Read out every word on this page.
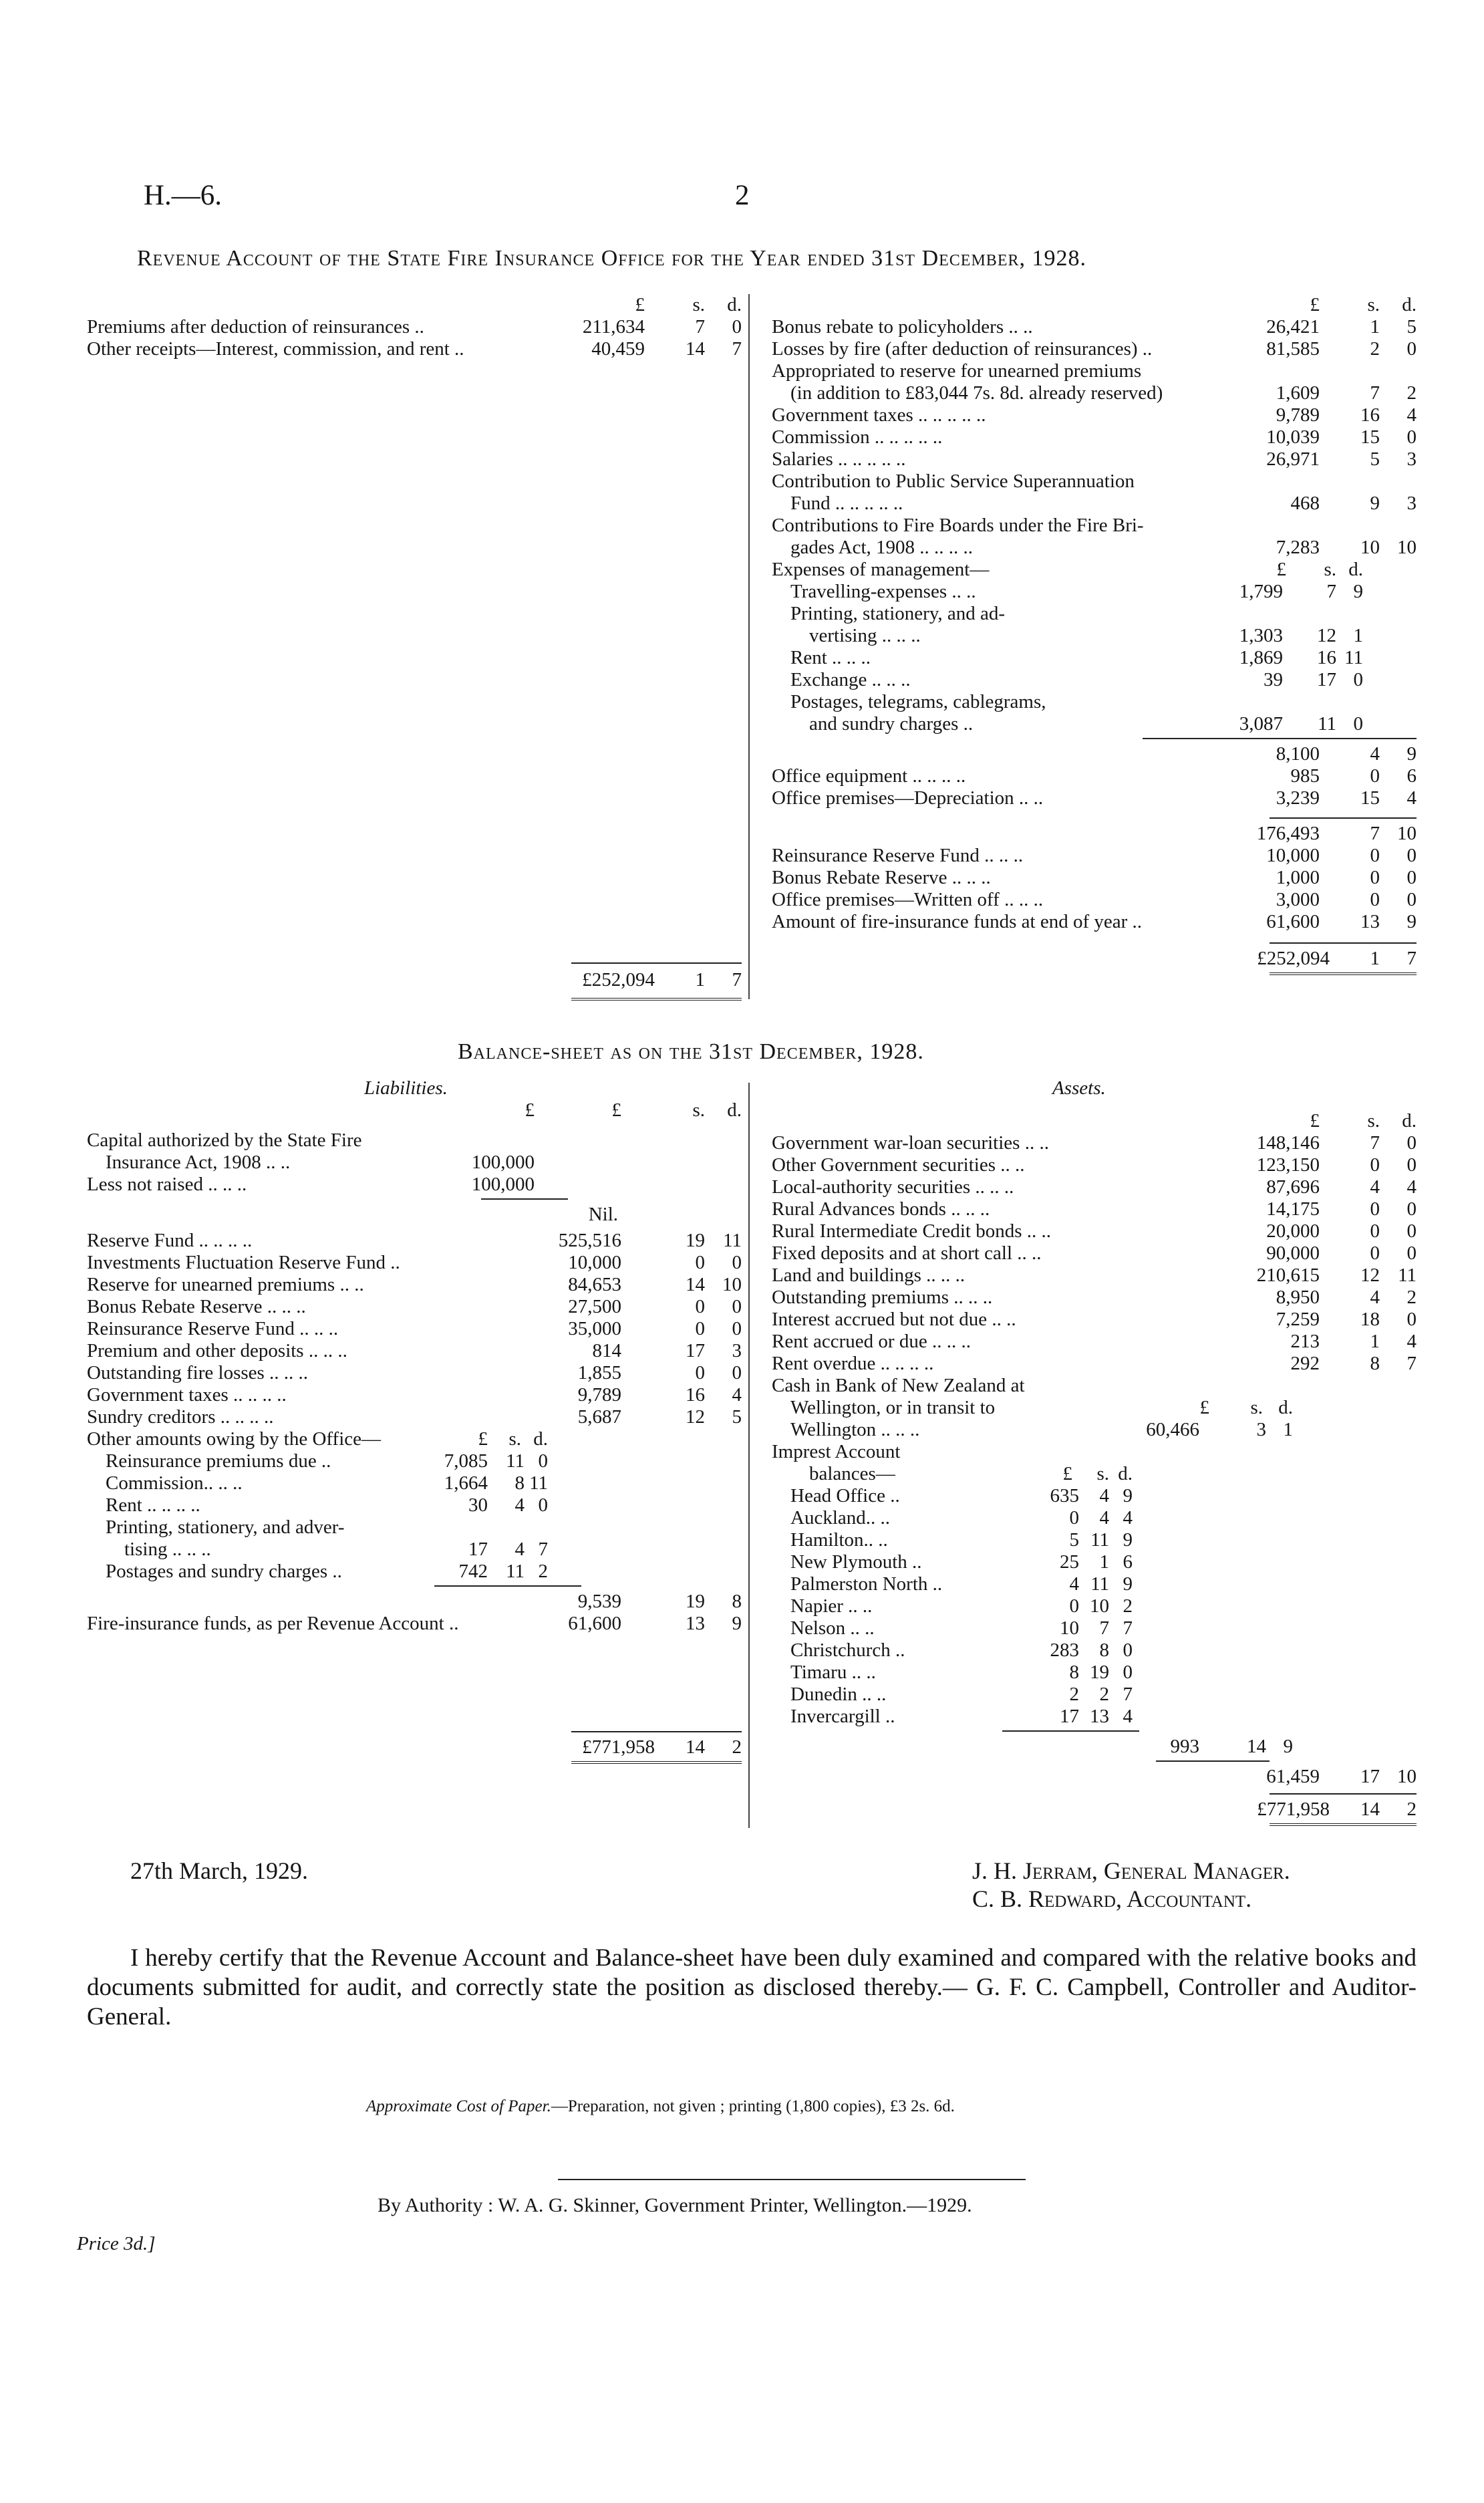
H.—6.	2
Revenue Account of the State Fire Insurance Office for the Year ended 31st December, 1928.
£ s. d.
Premiums after deduction of reinsurances ..	211,634	7 0
Other receipts—Interest, commission, and rent ..	40,459 14 7
£252,094 1 7
£ s. d.
Bonus rebate to policyholders .. ..	26,421	1 5
Losses by fire (after deduction of reinsurances) ..	81,585	2 0
Appropriated to reserve for unearned premiums
(in addition to £83,044 7s. 8d. already reserved)	1,609	7 2
Government taxes .. .. .. .. ..	9,789 16 4
Commission .. .. .. .. ..	10,039 15 0
Salaries .. .. .. .. ..	26,971	5 3
Contribution to Public Service Superannuation
Fund .. .. .. .. ..	468	9 3
Contributions to Fire Boards under the Fire Bri-
gades Act, 1908 .. .. .. ..	7,283 10 10
Expenses of management—	£ s. d.
Travelling-expenses .. ..	1,799 7 9
Printing, stationery, and ad-
vertising .. .. ..	1,303 12 1
Rent .. .. ..	1,869 16 11
Exchange .. .. ..	39 17 0
Postages, telegrams, cablegrams,
and sundry charges ..	3,087 11 0
8,100	4 9
Office equipment .. .. .. ..	985	0 6
Office premises—Depreciation .. ..	3,239 15 4
176,493	7 10
Reinsurance Reserve Fund .. .. ..	10,000	0 0
Bonus Rebate Reserve .. .. ..	1,000	0 0
Office premises—Written off .. .. ..	3,000	0 0
Amount of fire-insurance funds at end of year ..	61,600 13 9
£252,094 1 7
Balance-sheet as on the 31st December, 1928.
Liabilities.	Assets.
£	£	s. d.
Capital authorized by the State Fire
Insurance Act, 1908 .. ..	100,000
Less not raised .. .. ..	100,000
Nil.
Reserve Fund .. .. .. ..	525,516	19 11
Investments Fluctuation Reserve Fund ..	10,000	0 0
Reserve for unearned premiums .. ..	84,653	14 10
Bonus Rebate Reserve .. .. ..	27,500	0 0
Reinsurance Reserve Fund .. .. ..	35,000	0 0
Premium and other deposits .. .. ..	814	17 3
Outstanding fire losses .. .. ..	1,855	0 0
Government taxes .. .. .. ..	9,789	16 4
Sundry creditors .. .. .. ..	5,687	12 5
Other amounts owing by the Office—	£ s. d.
Reinsurance premiums due ..	7,085 11 0
Commission.. .. ..	1,664 8 11
Rent .. .. .. ..	30 4 0
Printing, stationery, and adver-
tising .. .. ..	17 4 7
Postages and sundry charges ..	742 11 2
9,539	19 8
Fire-insurance funds, as per Revenue Account ..	61,600	13 9
£771,958 14 2
£ s. d.
Government war-loan securities .. ..	148,146	7 0
Other Government securities .. ..	123,150	0 0
Local-authority securities .. .. ..	87,696	4 4
Rural Advances bonds .. .. ..	14,175	0 0
Rural Intermediate Credit bonds .. ..	20,000	0 0
Fixed deposits and at short call .. ..	90,000	0 0
Land and buildings .. .. ..	210,615 12 11
Outstanding premiums .. .. ..	8,950	4 2
Interest accrued but not due .. ..	7,259 18 0
Rent accrued or due .. .. ..	213	1 4
Rent overdue .. .. .. ..	292	8 7
Cash in Bank of New Zealand at
Wellington, or in transit to	£ s. d.
Wellington .. .. ..	60,466	3 1
Imprest Account
balances—	£ s. d.
Head Office ..	635 4 9
Auckland.. ..	0 4 4
Hamilton.. ..	5 11 9
New Plymouth ..	25 1 6
Palmerston North ..	4 11 9
Napier .. ..	0 10 2
Nelson .. ..	10 7 7
Christchurch ..	283 8 0
Timaru .. ..	8 19 0
Dunedin .. ..	2 2 7
Invercargill ..	17 13 4
993 14 9
61,459 17 10
£771,958 14 2
27th March, 1929.	J. H. Jerram, General Manager.
C. B. Redward, Accountant.
I hereby certify that the Revenue Account and Balance-sheet have been duly examined and compared with the relative books and documents submitted for audit, and correctly state the position as disclosed thereby.— G. F. C. Campbell, Controller and Auditor-General.
Approximate Cost of Paper.—Preparation, not given ; printing (1,800 copies), £3 2s. 6d.
By Authority : W. A. G. Skinner, Government Printer, Wellington.—1929.
Price 3d.]
